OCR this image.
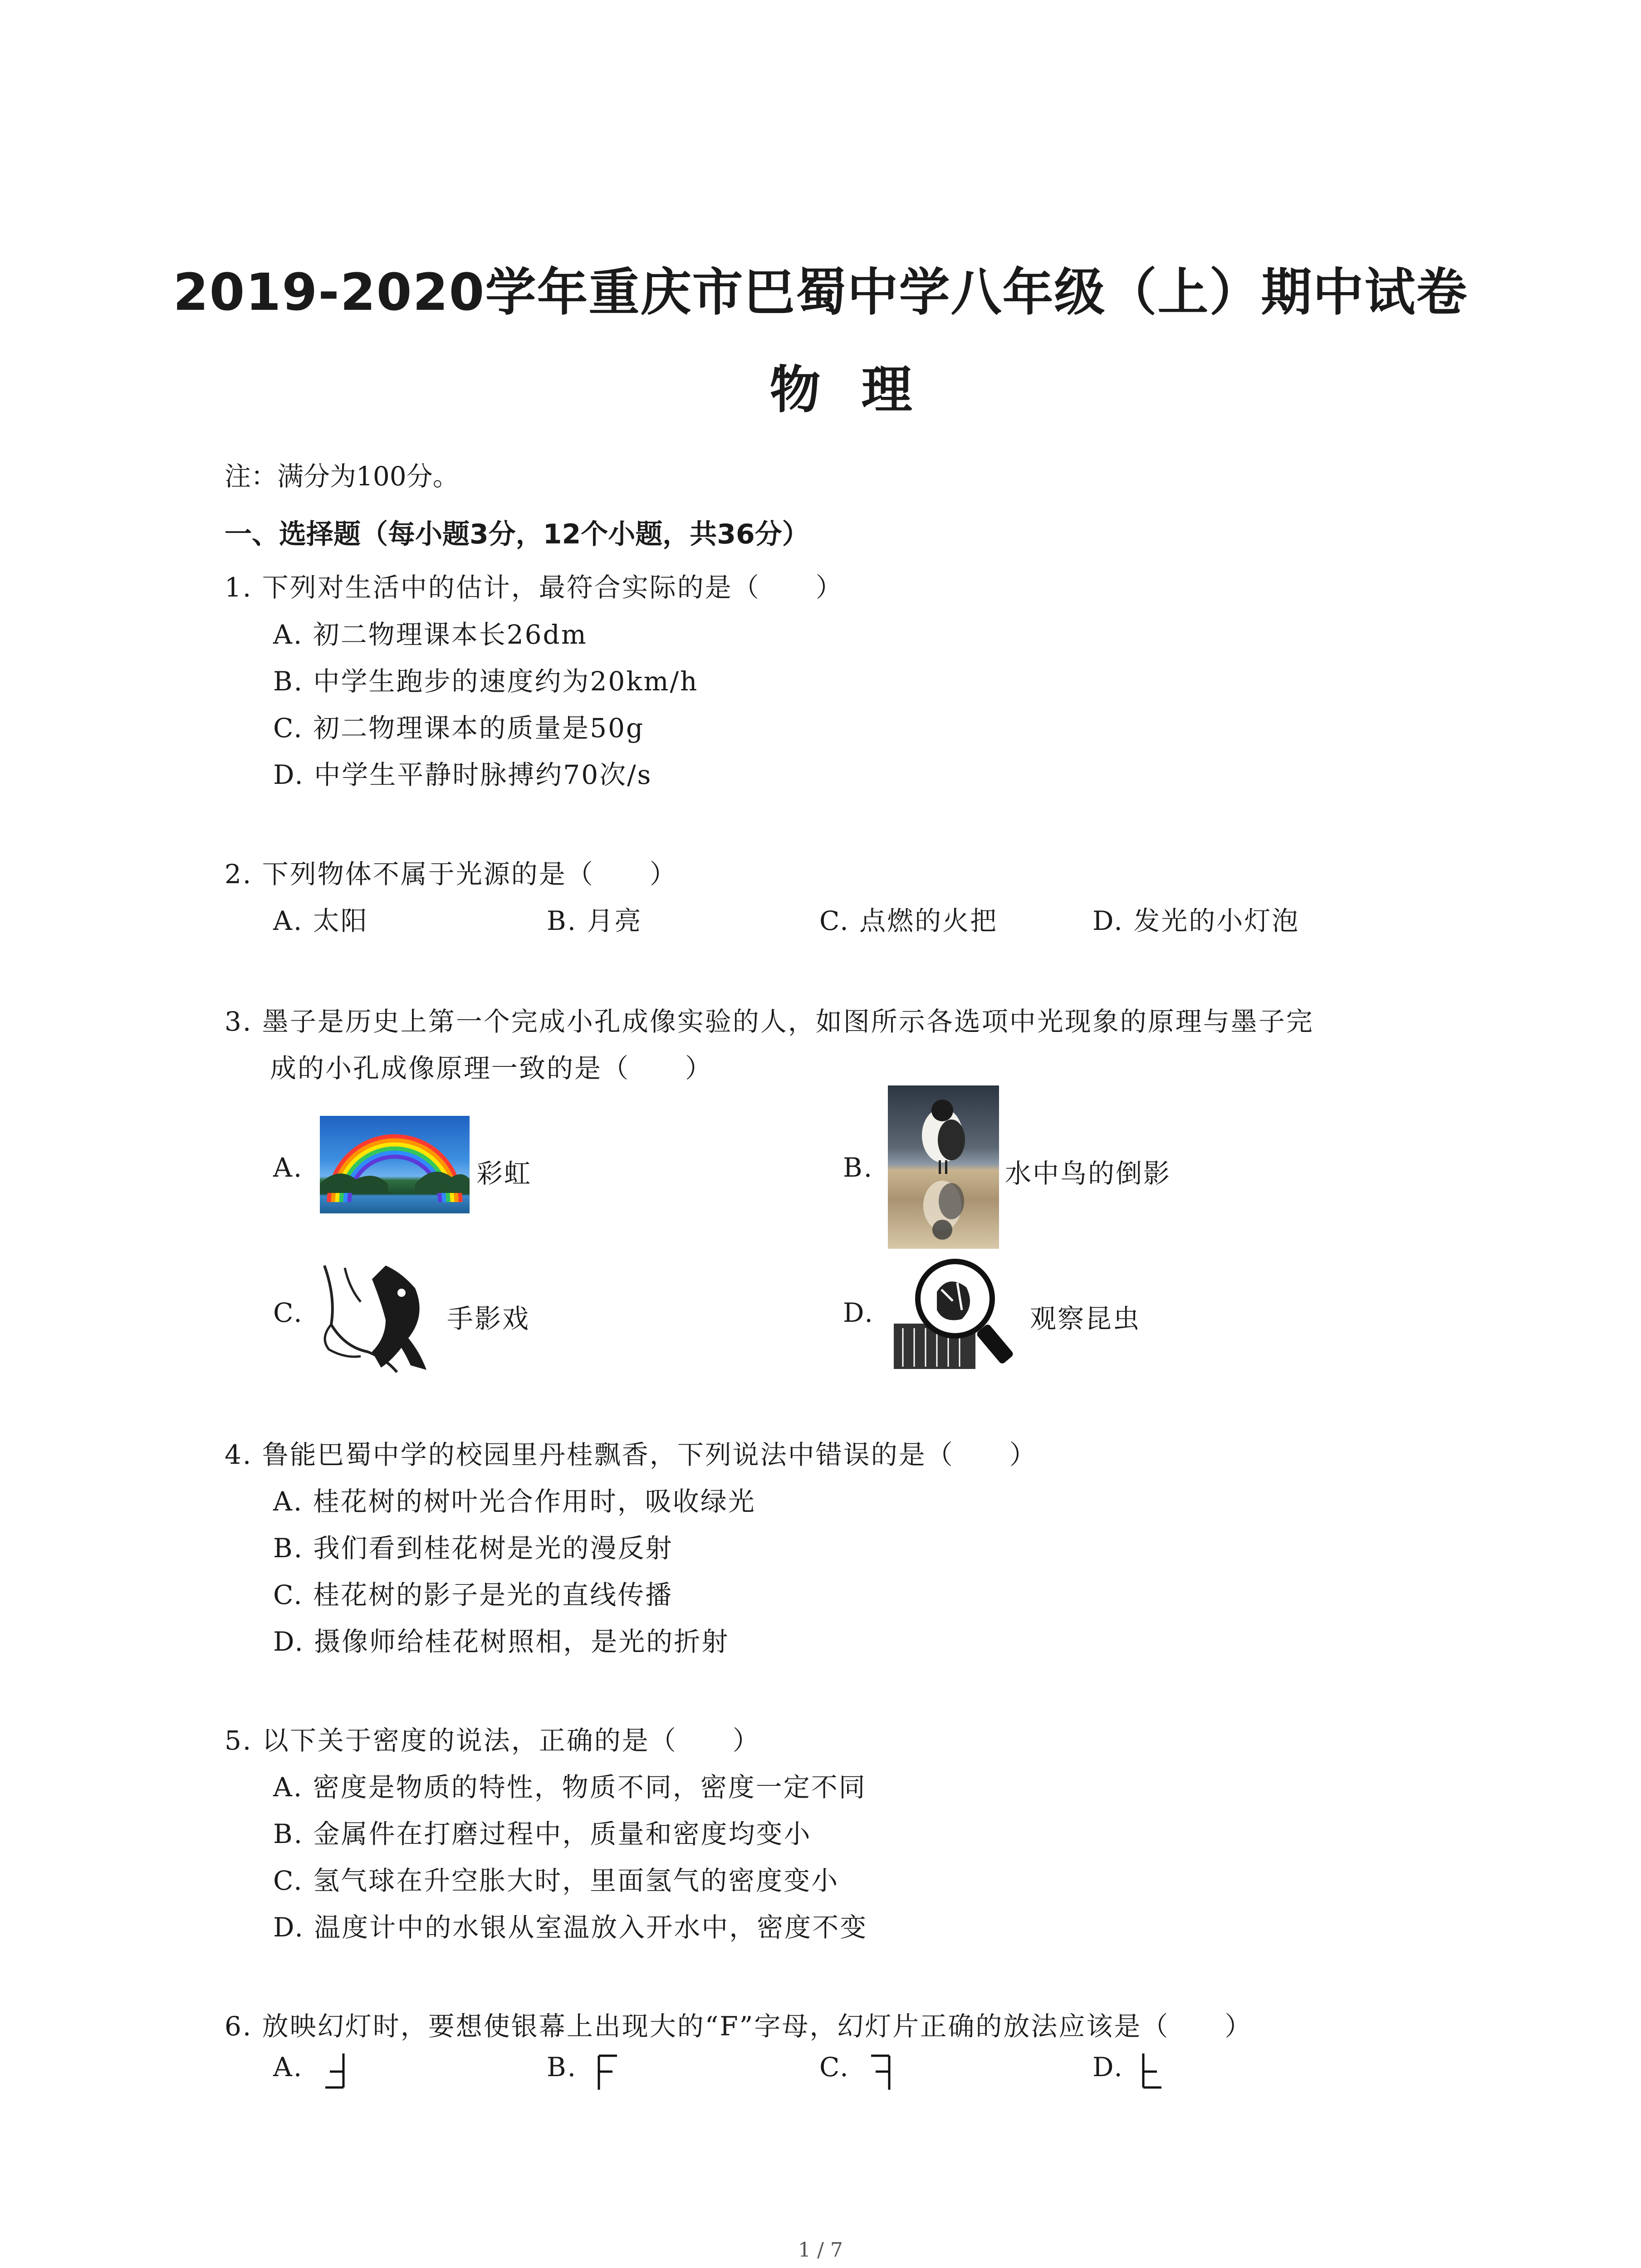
2019-2020学年重庆市巴蜀中学八年级（上）期中试卷
物理
注：满分为100分。
一、选择题（每小题3分，12个小题，共36分）
1. 下列对生活中的估计，最符合实际的是（　　）
A. 初二物理课本长26dm
B. 中学生跑步的速度约为20km/h
C. 初二物理课本的质量是50g
D. 中学生平静时脉搏约70次/s
2. 下列物体不属于光源的是（　　）
A. 太阳	B. 月亮	C. 点燃的火把	D. 发光的小灯泡
3. 墨子是历史上第一个完成小孔成像实验的人，如图所示各选项中光现象的原理与墨子完
成的小孔成像原理一致的是（　　）
A.	彩虹	B.	水中鸟的倒影
C.	手影戏	D.	观察昆虫
4. 鲁能巴蜀中学的校园里丹桂飘香，下列说法中错误的是（　　）
A. 桂花树的树叶光合作用时，吸收绿光
B. 我们看到桂花树是光的漫反射
C. 桂花树的影子是光的直线传播
D. 摄像师给桂花树照相，是光的折射
5. 以下关于密度的说法，正确的是（　　）
A. 密度是物质的特性，物质不同，密度一定不同
B. 金属件在打磨过程中，质量和密度均变小
C. 氢气球在升空胀大时，里面氢气的密度变小
D. 温度计中的水银从室温放入开水中，密度不变
6. 放映幻灯时，要想使银幕上出现大的“F”字母，幻灯片正确的放法应该是（　　）
A.	B.	C.	D.
1 / 7
